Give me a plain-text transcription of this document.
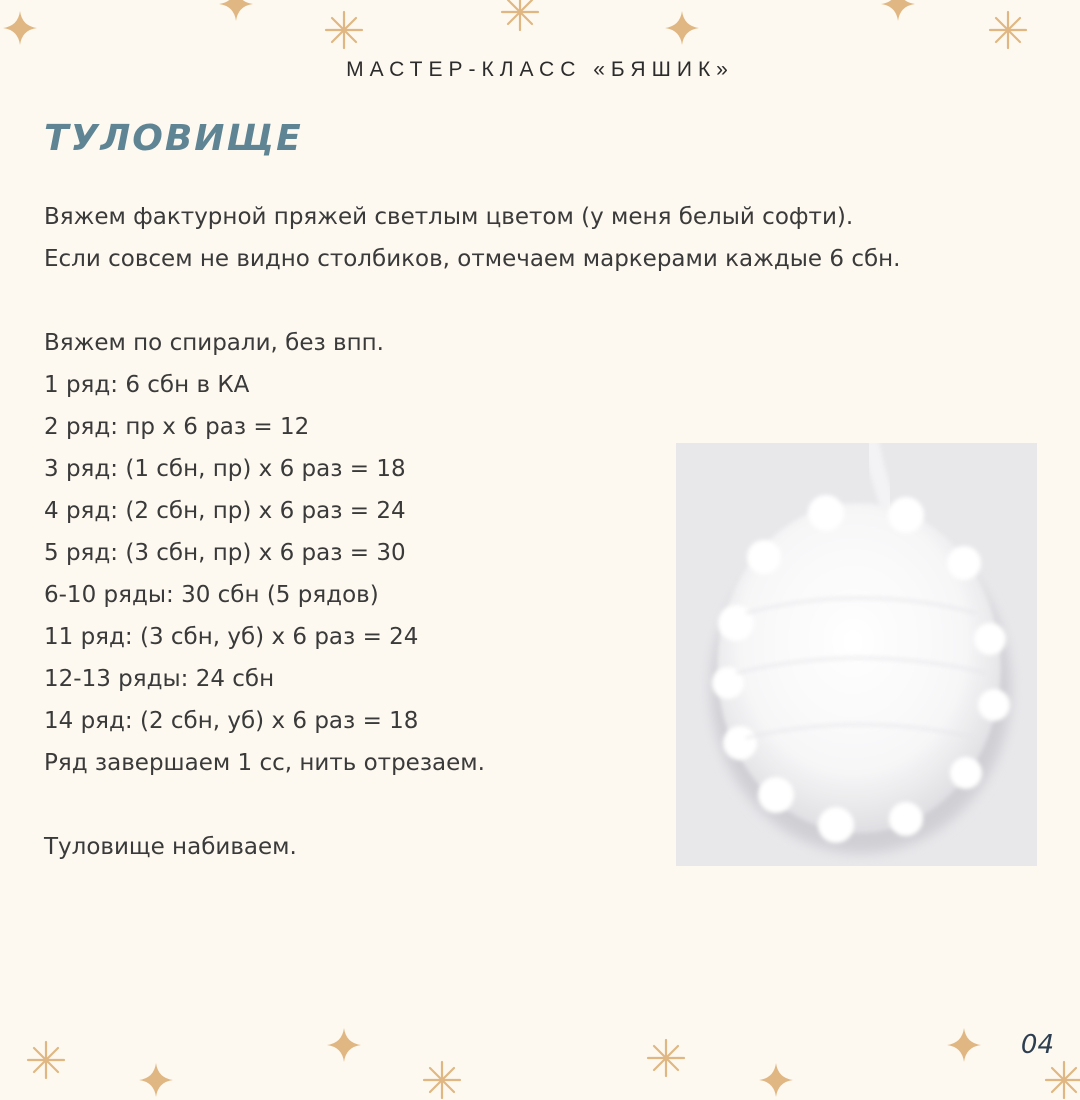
МАСТЕР-КЛАСС «БЯШИК»
ТУЛОВИЩЕ
Вяжем фактурной пряжей светлым цветом (у меня белый софти).
Если совсем не видно столбиков, отмечаем маркерами каждые 6 сбн.
Вяжем по спирали, без впп.
1 ряд: 6 сбн в КА
2 ряд: пр х 6 раз = 12
3 ряд: (1 сбн, пр) х 6 раз = 18
4 ряд: (2 сбн, пр) х 6 раз = 24
5 ряд: (3 сбн, пр) х 6 раз = 30
6-10 ряды: 30 сбн (5 рядов)
11 ряд: (3 сбн, уб) х 6 раз = 24
12-13 ряды: 24 сбн
14 ряд: (2 сбн, уб) х 6 раз = 18
Ряд завершаем 1 сс, нить отрезаем.
Туловище набиваем.
04
